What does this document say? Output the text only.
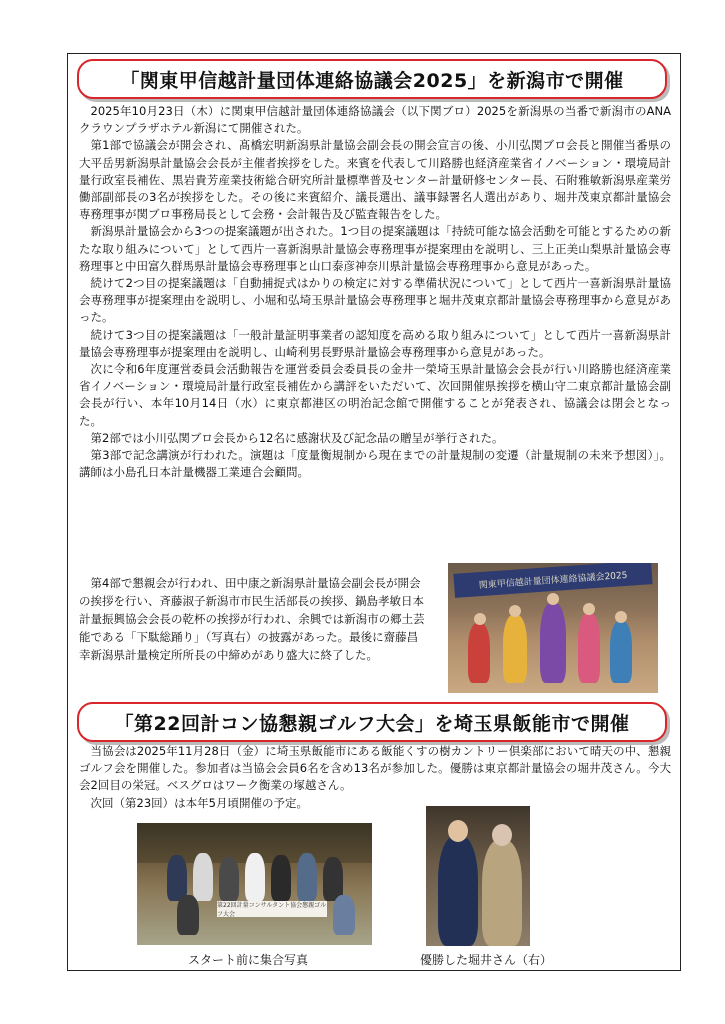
「関東甲信越計量団体連絡協議会2025」を新潟市で開催

2025年10月23日（木）に関東甲信越計量団体連絡協議会（以下関ブロ）2025を新潟県の当番で新潟市のANAクラウンプラザホテル新潟にて開催された。

第1部で協議会が開会され、髙橋宏明新潟県計量協会副会長の開会宣言の後、小川弘関ブロ会長と開催当番県の大平岳男新潟県計量協会会長が主催者挨拶をした。来賓を代表して川路勝也経済産業省イノベーション・環境局計量行政室長補佐、黒岩貴芳産業技術総合研究所計量標準普及センター計量研修センター長、石附雅敏新潟県産業労働部副部長の3名が挨拶をした。その後に来賓紹介、議長選出、議事録署名人選出があり、堀井茂東京都計量協会専務理事が関ブロ事務局長として会務・会計報告及び監査報告をした。

新潟県計量協会から3つの提案議題が出された。1つ目の提案議題は「持続可能な協会活動を可能とするための新たな取り組みについて」として西片一喜新潟県計量協会専務理事が提案理由を説明し、三上正美山梨県計量協会専務理事と中田富久群馬県計量協会専務理事と山口泰彦神奈川県計量協会専務理事から意見があった。

続けて2つ目の提案議題は「自動捕捉式はかりの検定に対する準備状況について」として西片一喜新潟県計量協会専務理事が提案理由を説明し、小堀和弘埼玉県計量協会専務理事と堀井茂東京都計量協会専務理事から意見があった。

続けて3つ目の提案議題は「一般計量証明事業者の認知度を高める取り組みについて」として西片一喜新潟県計量協会専務理事が提案理由を説明し、山崎利男長野県計量協会専務理事から意見があった。

次に令和6年度運営委員会活動報告を運営委員会委員長の金井一榮埼玉県計量協会会長が行い川路勝也経済産業省イノベーション・環境局計量行政室長補佐から講評をいただいて、次回開催県挨拶を横山守二東京都計量協会副会長が行い、本年10月14日（水）に東京都港区の明治記念館で開催することが発表され、協議会は閉会となった。

第2部では小川弘関ブロ会長から12名に感謝状及び記念品の贈呈が挙行された。

第3部で記念講演が行われた。演題は「度量衡規制から現在までの計量規制の変遷（計量規制の未来予想図）」。講師は小島孔日本計量機器工業連合会顧問。

第4部で懇親会が行われ、田中康之新潟県計量協会副会長が開会の挨拶を行い、斉藤淑子新潟市市民生活部長の挨拶、鍋島孝敏日本計量振興協会会長の乾杯の挨拶が行われ、余興では新潟市の郷土芸能である「下駄総踊り」（写真右）の披露があった。最後に齋藤昌幸新潟県計量検定所所長の中締めがあり盛大に終了した。

関東甲信越計量団体連絡協議会2025
「第22回計コン協懇親ゴルフ大会」を埼玉県飯能市で開催

当協会は2025年11月28日（金）に埼玉県飯能市にある飯能くすの樹カントリー倶楽部において晴天の中、懇親ゴルフ会を開催した。参加者は当協会会員6名を含め13名が参加した。優勝は東京都計量協会の堀井茂さん。今大会2回目の栄冠。ベスグロはワーク衡業の塚越さん。

次回（第23回）は本年5月頃開催の予定。

第22回計量コンサルタント協会懇親ゴルフ大会
スタート前に集合写真	優勝した堀井さん（右）
